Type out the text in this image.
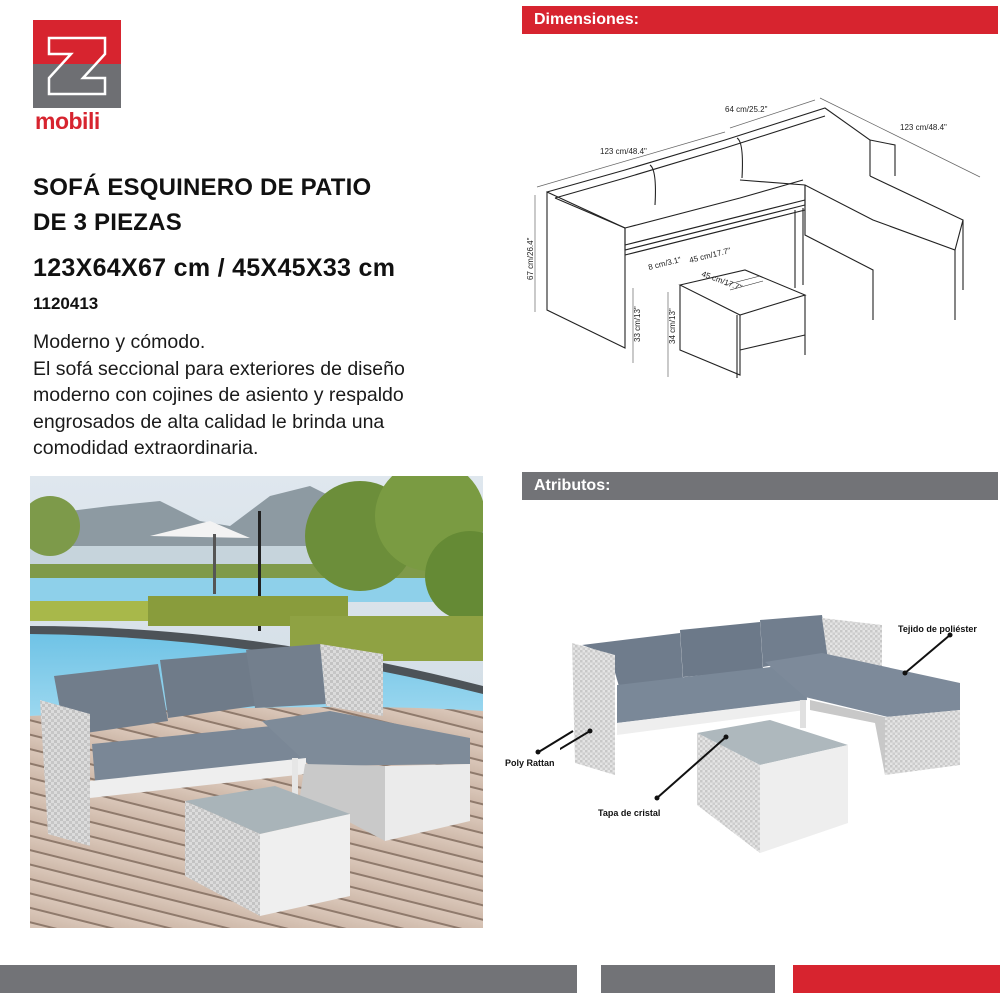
mobili
SOFÁ ESQUINERO DE PATIO
DE 3 PIEZAS
123X64X67 cm / 45X45X33 cm
1120413
Moderno y cómodo.
El sofá seccional para exteriores de diseño
moderno con cojines de asiento y respaldo
engrosados de alta calidad le brinda una
comodidad extraordinaria.
Dimensiones:
64 cm/25.2"
123 cm/48.4"
123 cm/48.4"
67 cm/26.4"	8 cm/3.1"
33 cm/13"
45 cm/17.7"
45 cm/17.7"
34 cm/13"
Atributos:
Tejido de poliéster
Poly Rattan
Tapa de cristal
